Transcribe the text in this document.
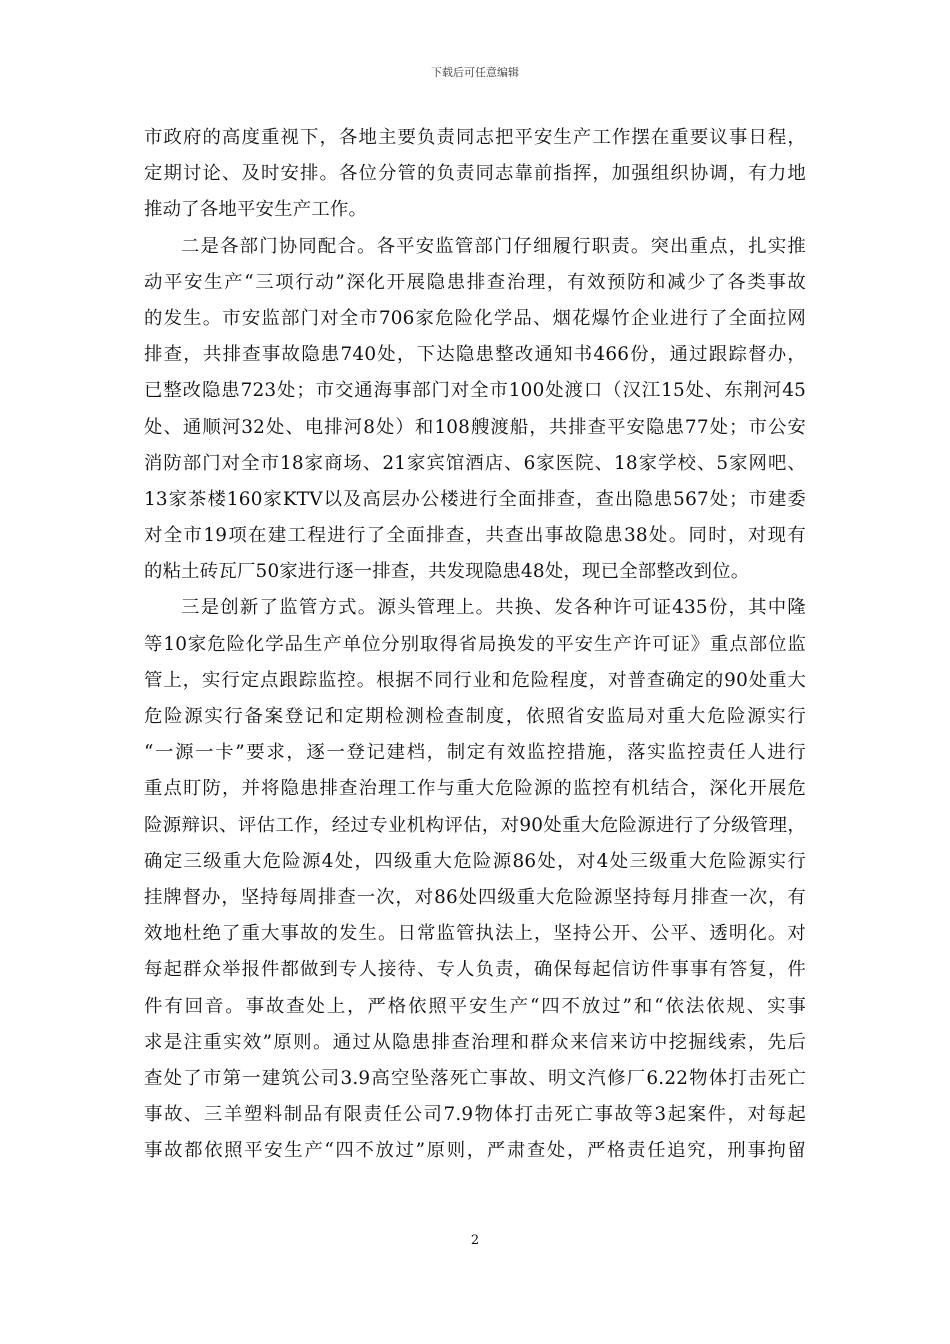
下载后可任意编辑
市政府的高度重视下，各地主要负责同志把平安生产工作摆在重要议事日程，
定期讨论、及时安排。各位分管的负责同志靠前指挥，加强组织协调，有力地
推动了各地平安生产工作。
二是各部门协同配合。各平安监管部门仔细履行职责。突出重点，扎实推
动平安生产“三项行动”深化开展隐患排查治理，有效预防和减少了各类事故
的发生。市安监部门对全市706家危险化学品、烟花爆竹企业进行了全面拉网
排查，共排查事故隐患740处，下达隐患整改通知书466份，通过跟踪督办，
已整改隐患723处；市交通海事部门对全市100处渡口（汉江15处、东荆河45
处、通顺河32处、电排河8处）和108艘渡船，共排查平安隐患77处；市公安
消防部门对全市18家商场、21家宾馆酒店、6家医院、18家学校、5家网吧、
13家茶楼160家KTV以及高层办公楼进行全面排查，查出隐患567处；市建委
对全市19项在建工程进行了全面排查，共查出事故隐患38处。同时，对现有
的粘土砖瓦厂50家进行逐一排查，共发现隐患48处，现已全部整改到位。
三是创新了监管方式。源头管理上。共换、发各种许可证435份，其中隆
等10家危险化学品生产单位分别取得省局换发的平安生产许可证》重点部位监
管上，实行定点跟踪监控。根据不同行业和危险程度，对普查确定的90处重大
危险源实行备案登记和定期检测检查制度，依照省安监局对重大危险源实行
“一源一卡”要求，逐一登记建档，制定有效监控措施，落实监控责任人进行
重点盯防，并将隐患排查治理工作与重大危险源的监控有机结合，深化开展危
险源辩识、评估工作，经过专业机构评估，对90处重大危险源进行了分级管理，
确定三级重大危险源4处，四级重大危险源86处，对4处三级重大危险源实行
挂牌督办，坚持每周排查一次，对86处四级重大危险源坚持每月排查一次，有
效地杜绝了重大事故的发生。日常监管执法上，坚持公开、公平、透明化。对
每起群众举报件都做到专人接待、专人负责，确保每起信访件事事有答复，件
件有回音。事故查处上，严格依照平安生产“四不放过”和“依法依规、实事
求是注重实效”原则。通过从隐患排查治理和群众来信来访中挖掘线索，先后
查处了市第一建筑公司3.9高空坠落死亡事故、明文汽修厂6.22物体打击死亡
事故、三羊塑料制品有限责任公司7.9物体打击死亡事故等3起案件，对每起
事故都依照平安生产“四不放过”原则，严肃查处，严格责任追究，刑事拘留
2
